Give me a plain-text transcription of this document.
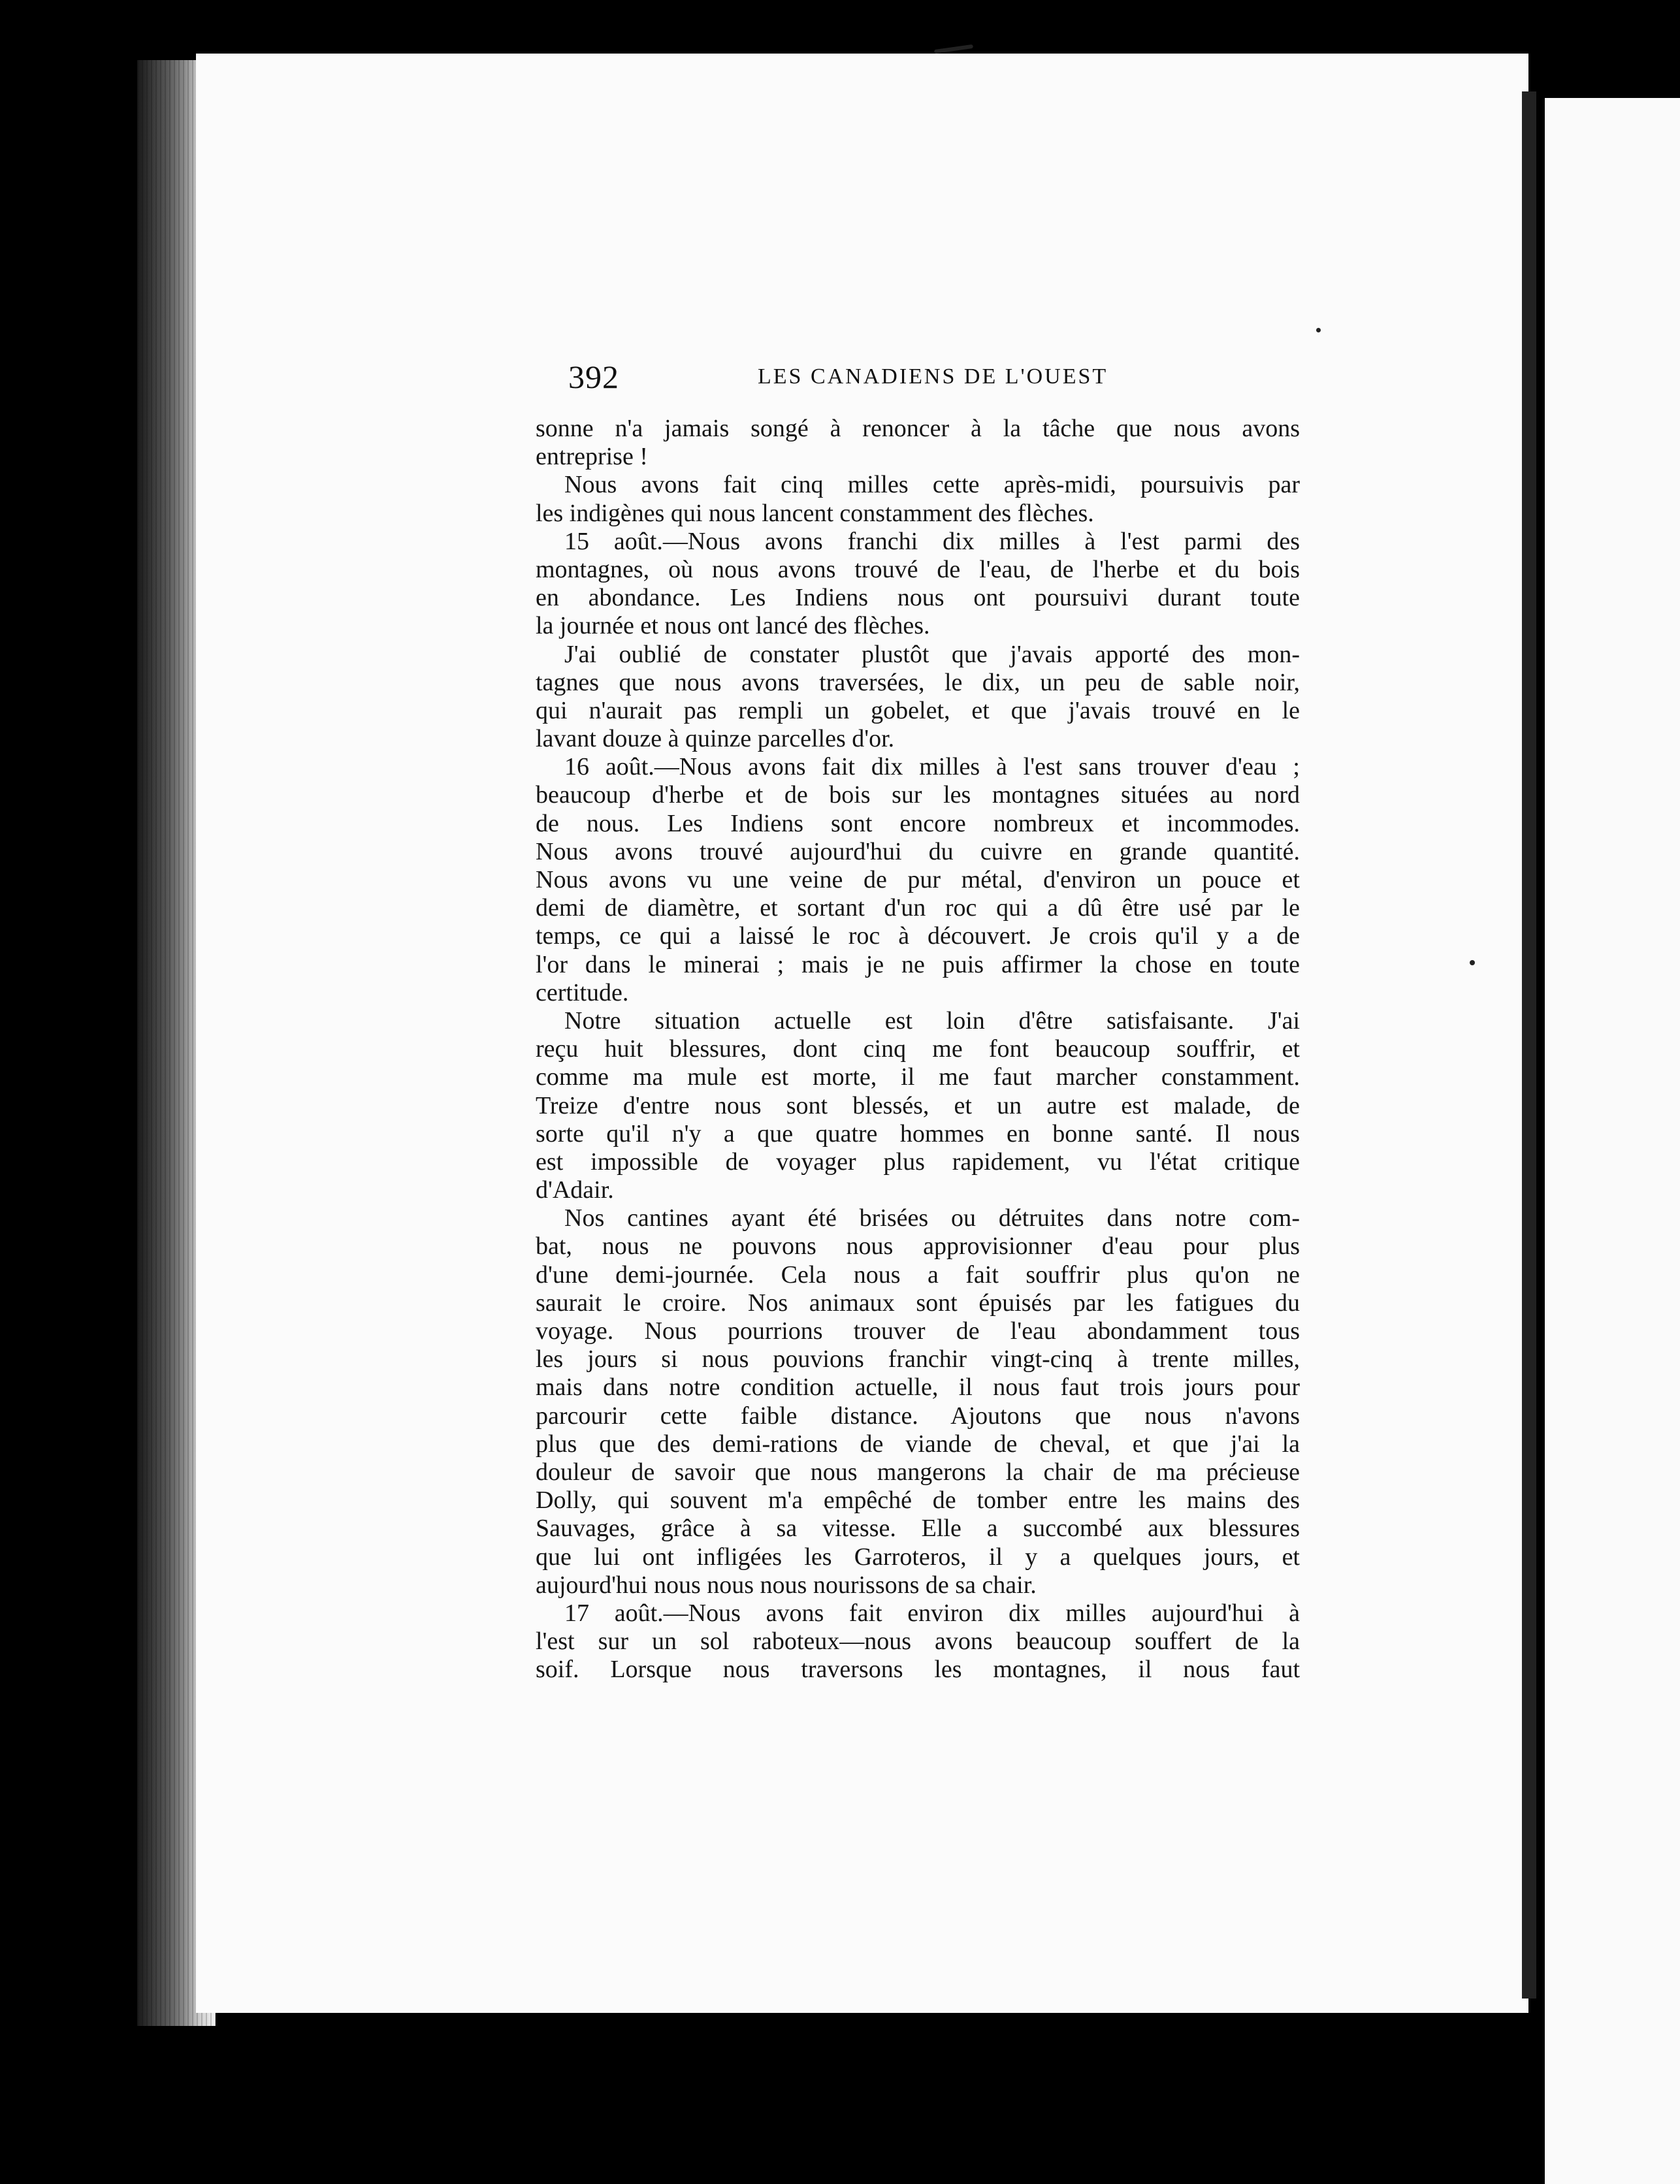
392	LES CANADIENS DE L'OUEST
sonne n'a jamais songé à renoncer à la tâche que nous avons
entreprise !
Nous avons fait cinq milles cette après-midi, poursuivis par
les indigènes qui nous lancent constamment des flèches.
15 août.—Nous avons franchi dix milles à l'est parmi des
montagnes, où nous avons trouvé de l'eau, de l'herbe et du bois
en abondance. Les Indiens nous ont poursuivi durant toute
la journée et nous ont lancé des flèches.
J'ai oublié de constater plustôt que j'avais apporté des mon-
tagnes que nous avons traversées, le dix, un peu de sable noir,
qui n'aurait pas rempli un gobelet, et que j'avais trouvé en le
lavant douze à quinze parcelles d'or.
16 août.—Nous avons fait dix milles à l'est sans trouver d'eau ;
beaucoup d'herbe et de bois sur les montagnes situées au nord
de nous. Les Indiens sont encore nombreux et incommodes.
Nous avons trouvé aujourd'hui du cuivre en grande quantité.
Nous avons vu une veine de pur métal, d'environ un pouce et
demi de diamètre, et sortant d'un roc qui a dû être usé par le
temps, ce qui a laissé le roc à découvert. Je crois qu'il y a de
l'or dans le minerai ; mais je ne puis affirmer la chose en toute
certitude.
Notre situation actuelle est loin d'être satisfaisante. J'ai
reçu huit blessures, dont cinq me font beaucoup souffrir, et
comme ma mule est morte, il me faut marcher constamment.
Treize d'entre nous sont blessés, et un autre est malade, de
sorte qu'il n'y a que quatre hommes en bonne santé. Il nous
est impossible de voyager plus rapidement, vu l'état critique
d'Adair.
Nos cantines ayant été brisées ou détruites dans notre com-
bat, nous ne pouvons nous approvisionner d'eau pour plus
d'une demi-journée. Cela nous a fait souffrir plus qu'on ne
saurait le croire. Nos animaux sont épuisés par les fatigues du
voyage. Nous pourrions trouver de l'eau abondamment tous
les jours si nous pouvions franchir vingt-cinq à trente milles,
mais dans notre condition actuelle, il nous faut trois jours pour
parcourir cette faible distance. Ajoutons que nous n'avons
plus que des demi-rations de viande de cheval, et que j'ai la
douleur de savoir que nous mangerons la chair de ma précieuse
Dolly, qui souvent m'a empêché de tomber entre les mains des
Sauvages, grâce à sa vitesse. Elle a succombé aux blessures
que lui ont infligées les Garroteros, il y a quelques jours, et
aujourd'hui nous nous nous nourissons de sa chair.
17 août.—Nous avons fait environ dix milles aujourd'hui à
l'est sur un sol raboteux—nous avons beaucoup souffert de la
soif. Lorsque nous traversons les montagnes, il nous faut
